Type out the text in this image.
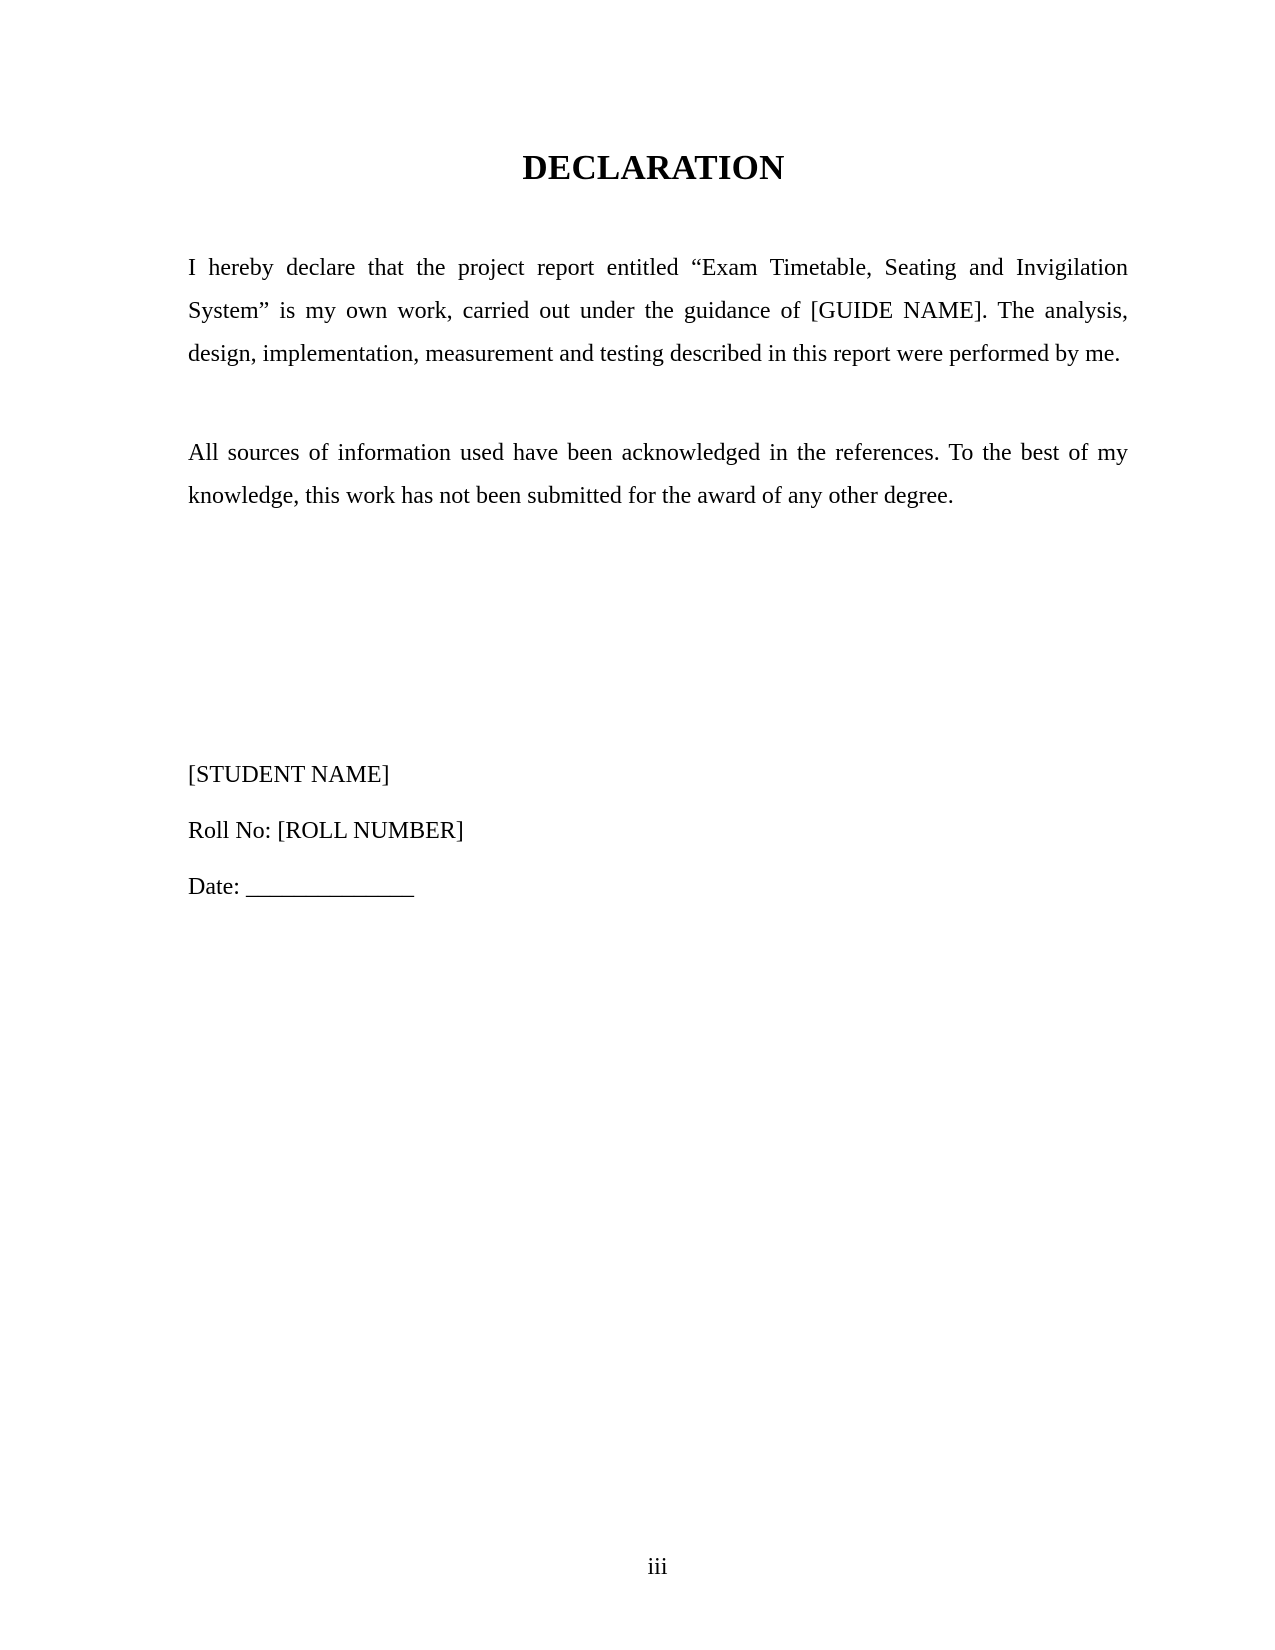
DECLARATION

I hereby declare that the project report entitled “Exam Timetable, Seating and Invigilation System” is my own work, carried out under the guidance of [GUIDE NAME]. The analysis, design, implementation, measurement and testing described in this report were performed by me.

All sources of information used have been acknowledged in the references. To the best of my knowledge, this work has not been submitted for the award of any other degree.

[STUDENT NAME]

Roll No: [ROLL NUMBER]

Date: ______________

iii
